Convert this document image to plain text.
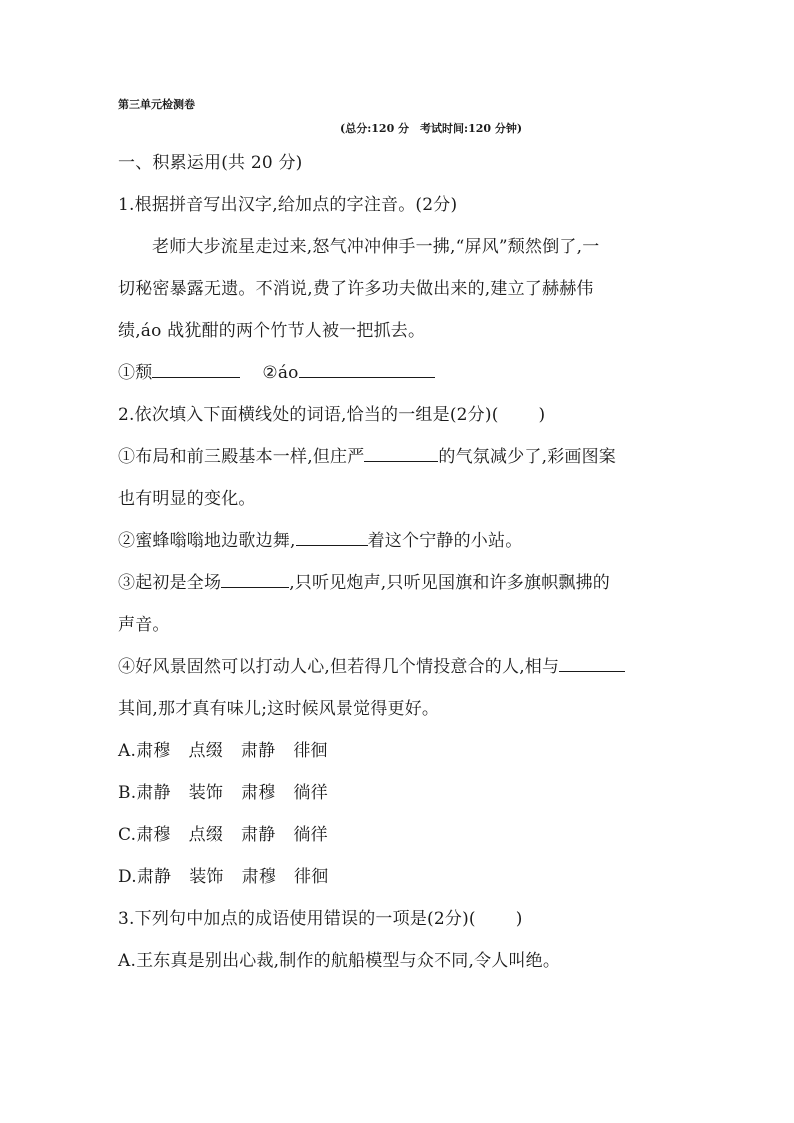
第三单元检测卷
(总分:120 分　考试时间:120 分钟)
一、积累运用(共 20 分)
1.根据拼音写出汉字,给加点的字注音。(2分)
老师大步流星走过来,怒气冲冲伸手一拂,“屏风”颓然倒了,一
切秘密暴露无遗。不消说,费了许多功夫做出来的,建立了赫赫伟
绩,áo 战犹酣的两个竹节人被一把抓去。
①颓	②áo
2.依次填入下面横线处的词语,恰当的一组是(2分)( )
①布局和前三殿基本一样,但庄严	的气氛减少了,彩画图案
也有明显的变化。
②蜜蜂嗡嗡地边歌边舞,	着这个宁静的小站。
③起初是全场	,只听见炮声,只听见国旗和许多旗帜飘拂的
声音。
④好风景固然可以打动人心,但若得几个情投意合的人,相与
其间,那才真有味儿;这时候风景觉得更好。
A.肃穆 点缀 肃静 徘徊
B.肃静 装饰 肃穆 徜徉
C.肃穆 点缀 肃静 徜徉
D.肃静 装饰 肃穆 徘徊
3.下列句中加点的成语使用错误的一项是(2分)( )
A.王东真是别出心裁,制作的航船模型与众不同,令人叫绝。
